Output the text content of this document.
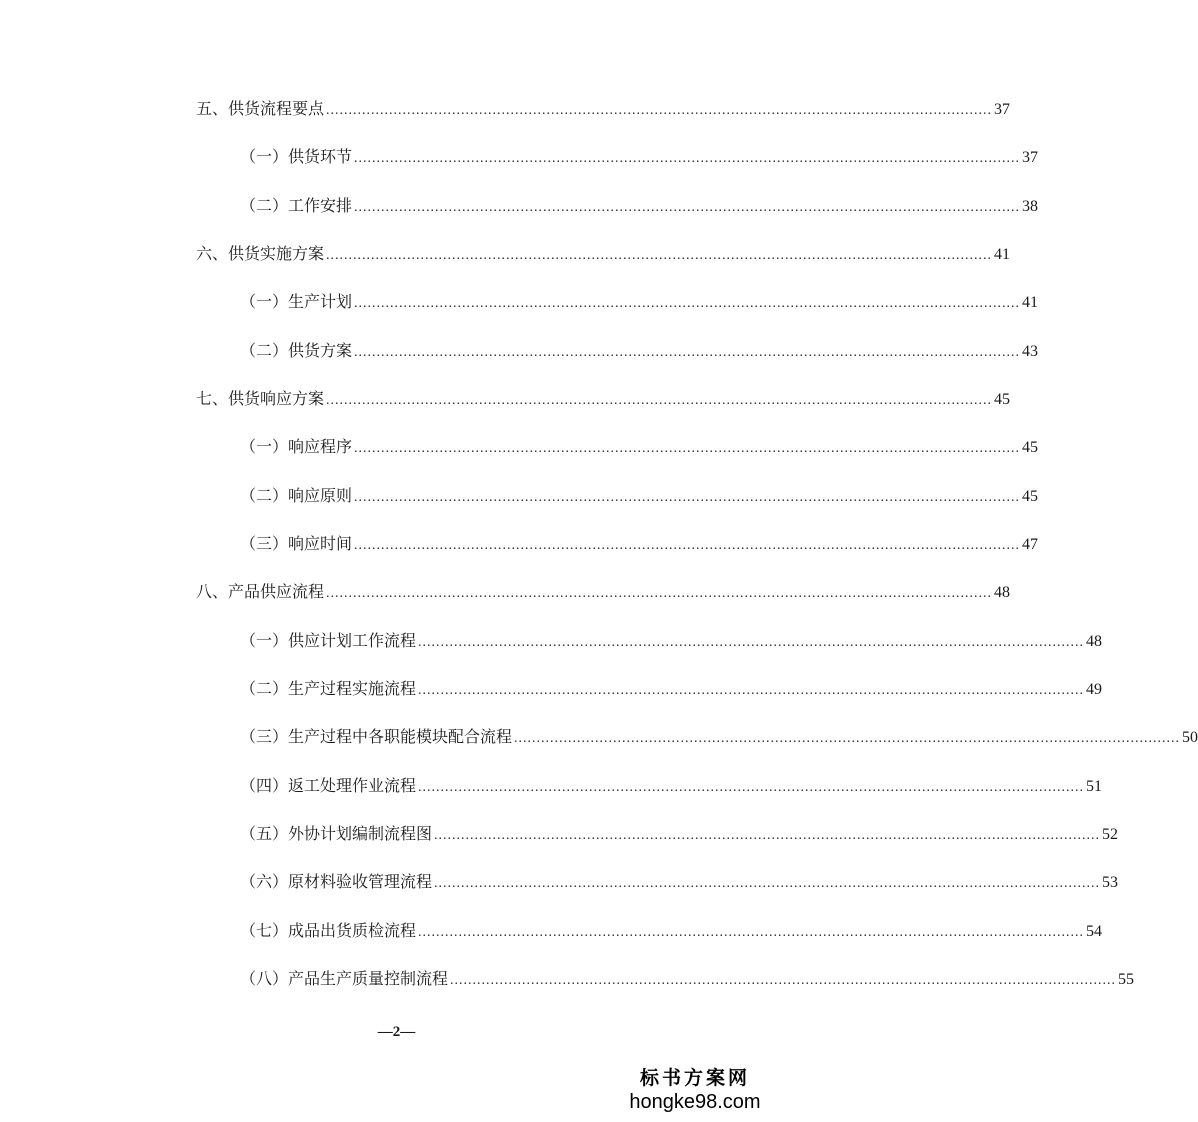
五、供货流程要点 .................................................................................................................................................... 37
（一）供货环节 .................................................................................................................................................... 37
（二）工作安排 .................................................................................................................................................... 38
六、供货实施方案 .................................................................................................................................................... 41
（一）生产计划 .................................................................................................................................................... 41
（二）供货方案 .................................................................................................................................................... 43
七、供货响应方案 .................................................................................................................................................... 45
（一）响应程序 .................................................................................................................................................... 45
（二）响应原则 .................................................................................................................................................... 45
（三）响应时间 .................................................................................................................................................... 47
八、产品供应流程 .................................................................................................................................................... 48
（一）供应计划工作流程 .................................................................................................................................................... 48
（二）生产过程实施流程 .................................................................................................................................................... 49
（三）生产过程中各职能模块配合流程 .................................................................................................................................................... 50
（四）返工处理作业流程 .................................................................................................................................................... 51
（五）外协计划编制流程图 .................................................................................................................................................... 52
（六）原材料验收管理流程 .................................................................................................................................................... 53
（七）成品出货质检流程 .................................................................................................................................................... 54
（八）产品生产质量控制流程 .................................................................................................................................................... 55
—2—
标书方案网
hongke98.com
